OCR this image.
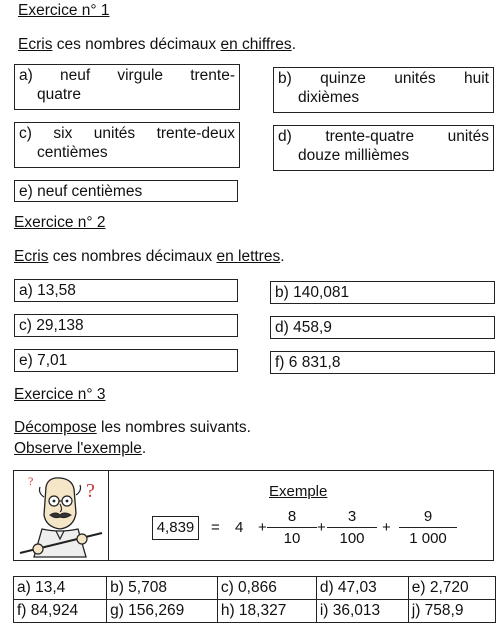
Exercice n° 1
Ecris ces nombres décimaux en chiffres.
a) neuf virgule trente-
quatre
b) quinze unités huit
dixièmes
c) six unités trente-deux
centièmes
d) trente-quatre unités
douze millièmes
e) neuf centièmes
Exercice n° 2
Ecris ces nombres décimaux en lettres.
a) 13,58	b) 140,081
c) 29,138	d) 458,9
e) 7,01	f) 6 831,8
Exercice n° 3
Décompose les nombres suivants.
Observe l'exemple.
?
?
Exemple
4,839	= $4 + \frac{8}{10} + \frac{3}{100} + \frac{9}{1 000}$
a) 13,4	b) 5,708	c) 0,866	d) 47,03	e) 2,720
f) 84,924	g) 156,269	h) 18,327	i) 36,013	j) 758,9
